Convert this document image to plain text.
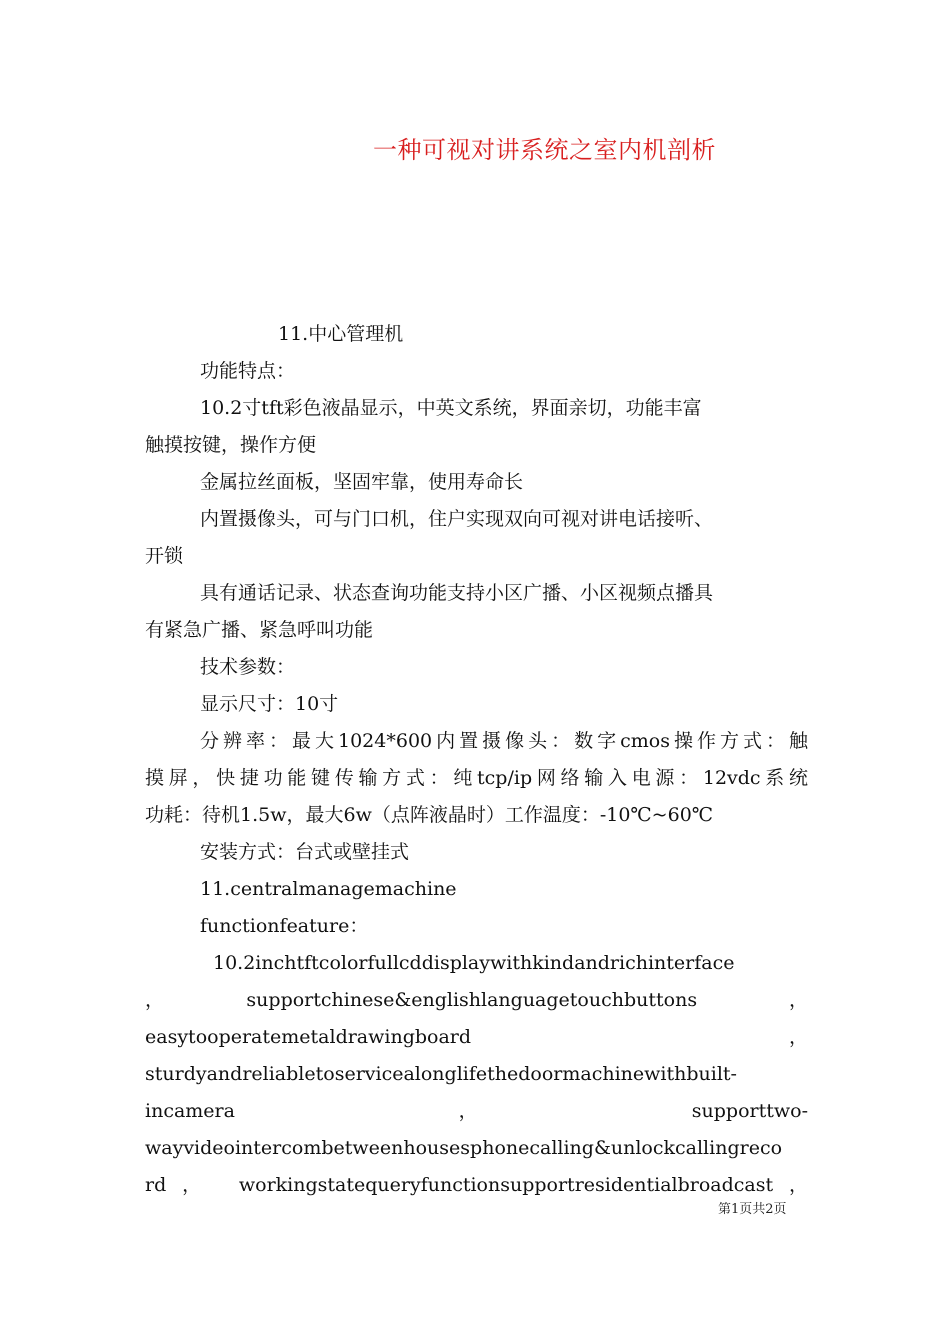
一种可视对讲系统之室内机剖析
11.中心管理机
功能特点：
10.2寸tft彩色液晶显示，中英文系统，界面亲切，功能丰富
触摸按键，操作方便
金属拉丝面板，坚固牢靠，使用寿命长
内置摄像头，可与门口机，住户实现双向可视对讲电话接听、
开锁
具有通话记录、状态查询功能支持小区广播、小区视频点播具
有紧急广播、紧急呼叫功能
技术参数：
显示尺寸：10寸
分辨率：最大1024*600内置摄像头：数字cmos操作方式：触
摸屏，快捷功能键传输方式：纯tcp/ip网络输入电源：12vdc系统
功耗：待机1.5w，最大6w（点阵液晶时）工作温度：-10℃~60℃
安装方式：台式或壁挂式
11.centralmanagemachine
functionfeature：
10.2inchtftcolorfullcddisplaywithkindandrichinterface
，　　supportchinese&englishlanguagetouchbuttons　　，
easytooperatemetaldrawingboard　　　　　　　　　　，
sturdyandreliabletoservicealonglifethedoormachinewithbuilt-
incamera　　　　　　　　，　　　　　　　　supporttwo-
wayvideointercombetweenhousesphonecalling&unlockcallingreco
rd， workingstatequeryfunctionsupportresidentialbroadcast，
第1页共2页
